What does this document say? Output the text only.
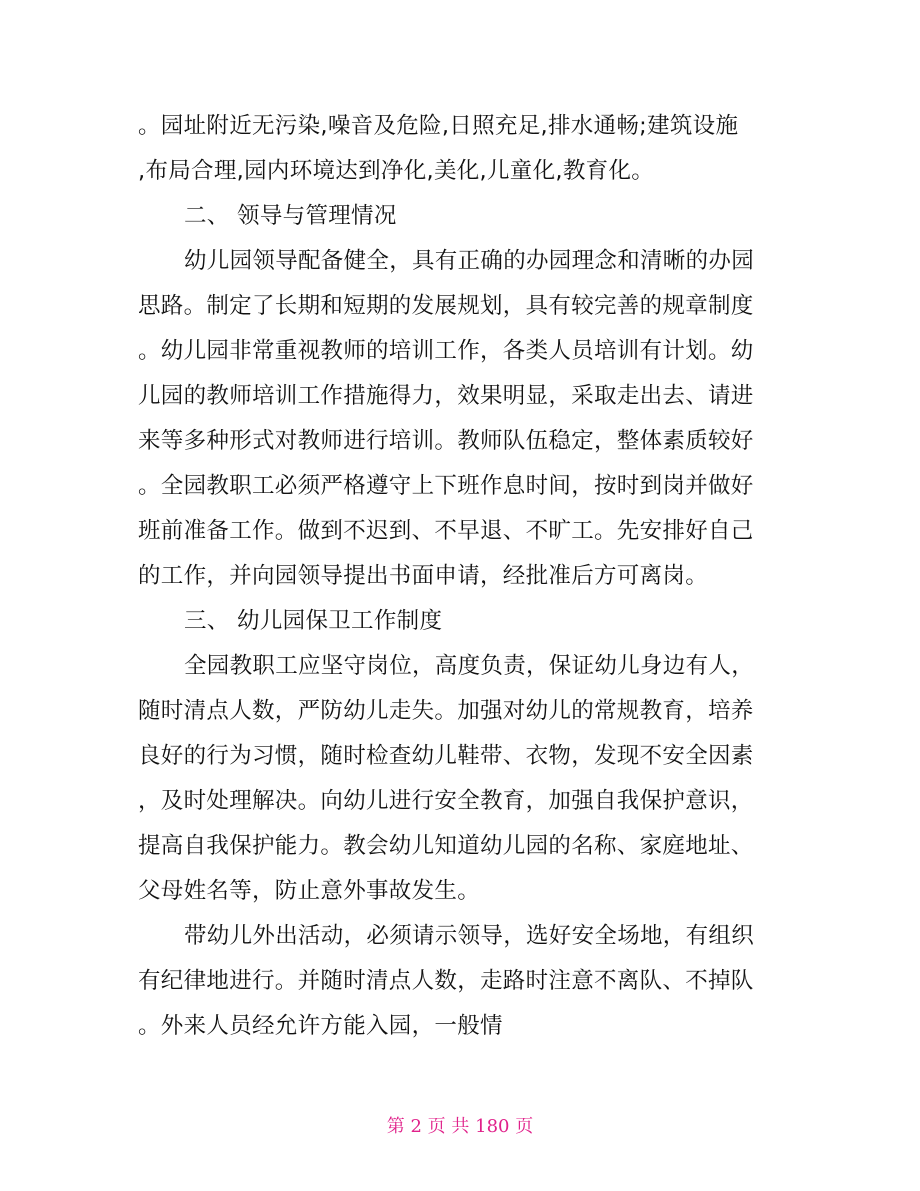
。园址附近无污染,噪音及危险,日照充足,排水通畅;建筑设施
,布局合理,园内环境达到净化,美化,儿童化,教育化。
二、 领导与管理情况
幼儿园领导配备健全，具有正确的办园理念和清晰的办园
思路。制定了长期和短期的发展规划，具有较完善的规章制度
。幼儿园非常重视教师的培训工作，各类人员培训有计划。幼
儿园的教师培训工作措施得力，效果明显，采取走出去、请进
来等多种形式对教师进行培训。教师队伍稳定，整体素质较好
。全园教职工必须严格遵守上下班作息时间，按时到岗并做好
班前准备工作。做到不迟到、不早退、不旷工。先安排好自己
的工作，并向园领导提出书面申请，经批准后方可离岗。
三、 幼儿园保卫工作制度
全园教职工应坚守岗位，高度负责，保证幼儿身边有人，
随时清点人数，严防幼儿走失。加强对幼儿的常规教育，培养
良好的行为习惯，随时检查幼儿鞋带、衣物，发现不安全因素
，及时处理解决。向幼儿进行安全教育，加强自我保护意识，
提高自我保护能力。教会幼儿知道幼儿园的名称、家庭地址、
父母姓名等，防止意外事故发生。
带幼儿外出活动，必须请示领导，选好安全场地，有组织
有纪律地进行。并随时清点人数，走路时注意不离队、不掉队
。外来人员经允许方能入园，一般情
第 2 页 共 180 页
